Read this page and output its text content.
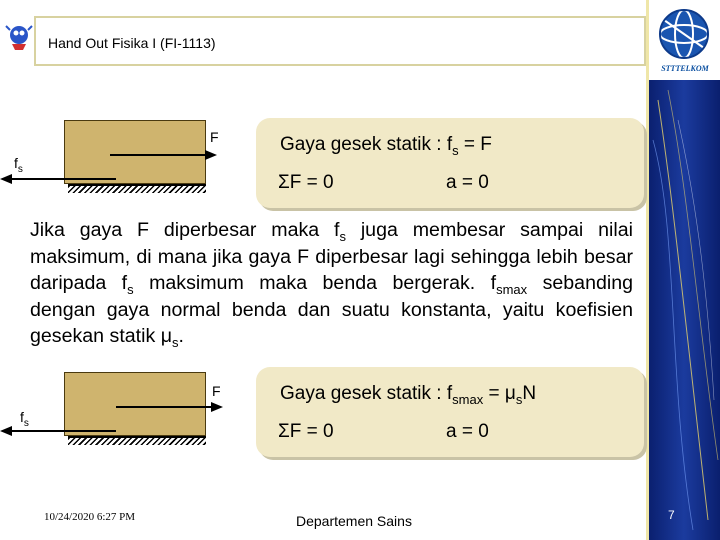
STTTELKOM
Hand Out Fisika I (FI-1113)
F
$f_s$
Gaya gesek statik : $f_s = F$
ΣF = 0	a = 0
Jika gaya F diperbesar maka $f_s$ juga membesar sampai nilai maksimum, di mana jika gaya F diperbesar lagi sehingga lebih besar daripada $f_s$ maksimum maka benda bergerak. $f_{smax}$ sebanding dengan gaya normal benda dan suatu konstanta, yaitu koefisien gesekan statik $\mu_s$.
F
$f_s$
Gaya gesek statik : $f_{smax} = \mu_sN$
ΣF = 0	a = 0
10/24/2020 6:27 PM	Departemen Sains	7
